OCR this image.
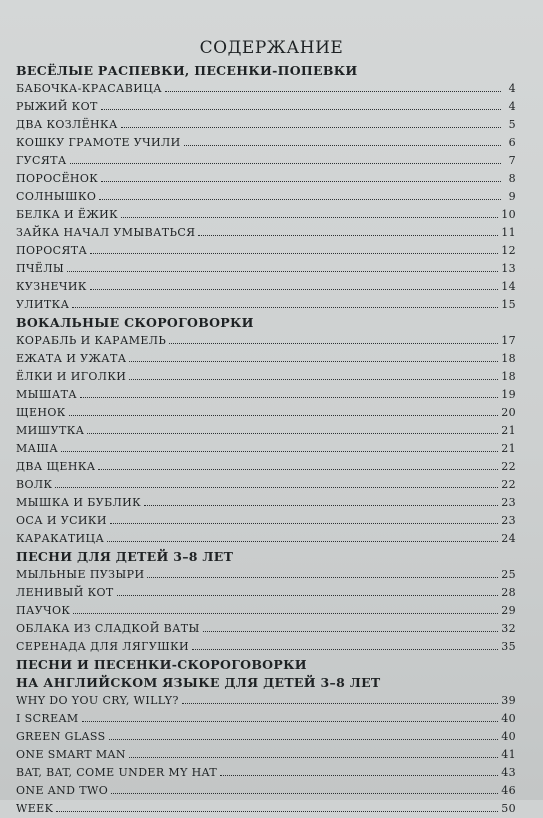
СОДЕРЖАНИЕ
ВЕСЁЛЫЕ РАСПЕВКИ, ПЕСЕНКИ-ПОПЕВКИ
БАБОЧКА-КРАСАВИЦА	4
РЫЖИЙ КОТ	4
ДВА КОЗЛЁНКА	5
КОШКУ ГРАМОТЕ УЧИЛИ	6
ГУСЯТА	7
ПОРОСЁНОК	8
СОЛНЫШКО	9
БЕЛКА И ЁЖИК	10
ЗАЙКА НАЧАЛ УМЫВАТЬСЯ	11
ПОРОСЯТА	12
ПЧЁЛЫ	13
КУЗНЕЧИК	14
УЛИТКА	15
ВОКАЛЬНЫЕ СКОРОГОВОРКИ
КОРАБЛЬ И КАРАМЕЛЬ	17
ЕЖАТА И УЖАТА	18
ЁЛКИ И ИГОЛКИ	18
МЫШАТА	19
ЩЕНОК	20
МИШУТКА	21
МАША	21
ДВА ЩЕНКА	22
ВОЛК	22
МЫШКА И БУБЛИК	23
ОСА И УСИКИ	23
КАРАКАТИЦА	24
ПЕСНИ ДЛЯ ДЕТЕЙ 3–8 ЛЕТ
МЫЛЬНЫЕ ПУЗЫРИ	25
ЛЕНИВЫЙ КОТ	28
ПАУЧОК	29
ОБЛАКА ИЗ СЛАДКОЙ ВАТЫ	32
СЕРЕНАДА ДЛЯ ЛЯГУШКИ	35
ПЕСНИ И ПЕСЕНКИ-СКОРОГОВОРКИ
НА АНГЛИЙСКОМ ЯЗЫКЕ ДЛЯ ДЕТЕЙ 3–8 ЛЕТ
WHY DO YOU CRY, WILLY?	39
I SCREAM	40
GREEN GLASS	40
ONE SMART MAN	41
BAT, BAT, COME UNDER MY HAT	43
ONE AND TWO	46
WEEK	50
